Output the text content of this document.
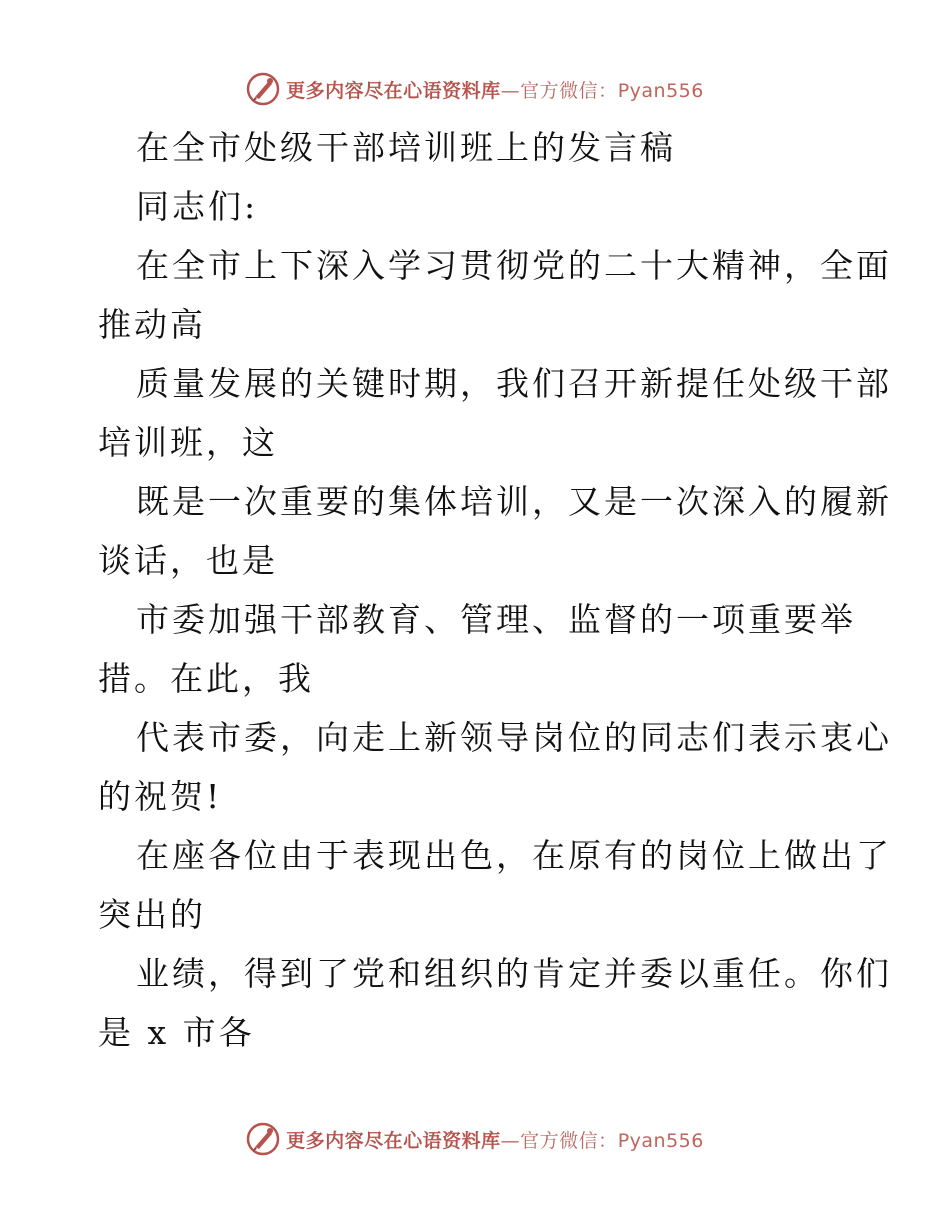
更多内容尽在心语资料库—官方微信：Pyan556
在全市处级干部培训班上的发言稿
同志们:
在全市上下深入学习贯彻党的二十大精神，全面
推动高
质量发展的关键时期，我们召开新提任处级干部
培训班，这
既是一次重要的集体培训，又是一次深入的履新
谈话，也是
市委加强干部教育、管理、监督的一项重要举
措。在此，我
代表市委，向走上新领导岗位的同志们表示衷心
的祝贺!
在座各位由于表现出色，在原有的岗位上做出了
突出的
业绩，得到了党和组织的肯定并委以重任。你们
是 x 市各
更多内容尽在心语资料库—官方微信：Pyan556
